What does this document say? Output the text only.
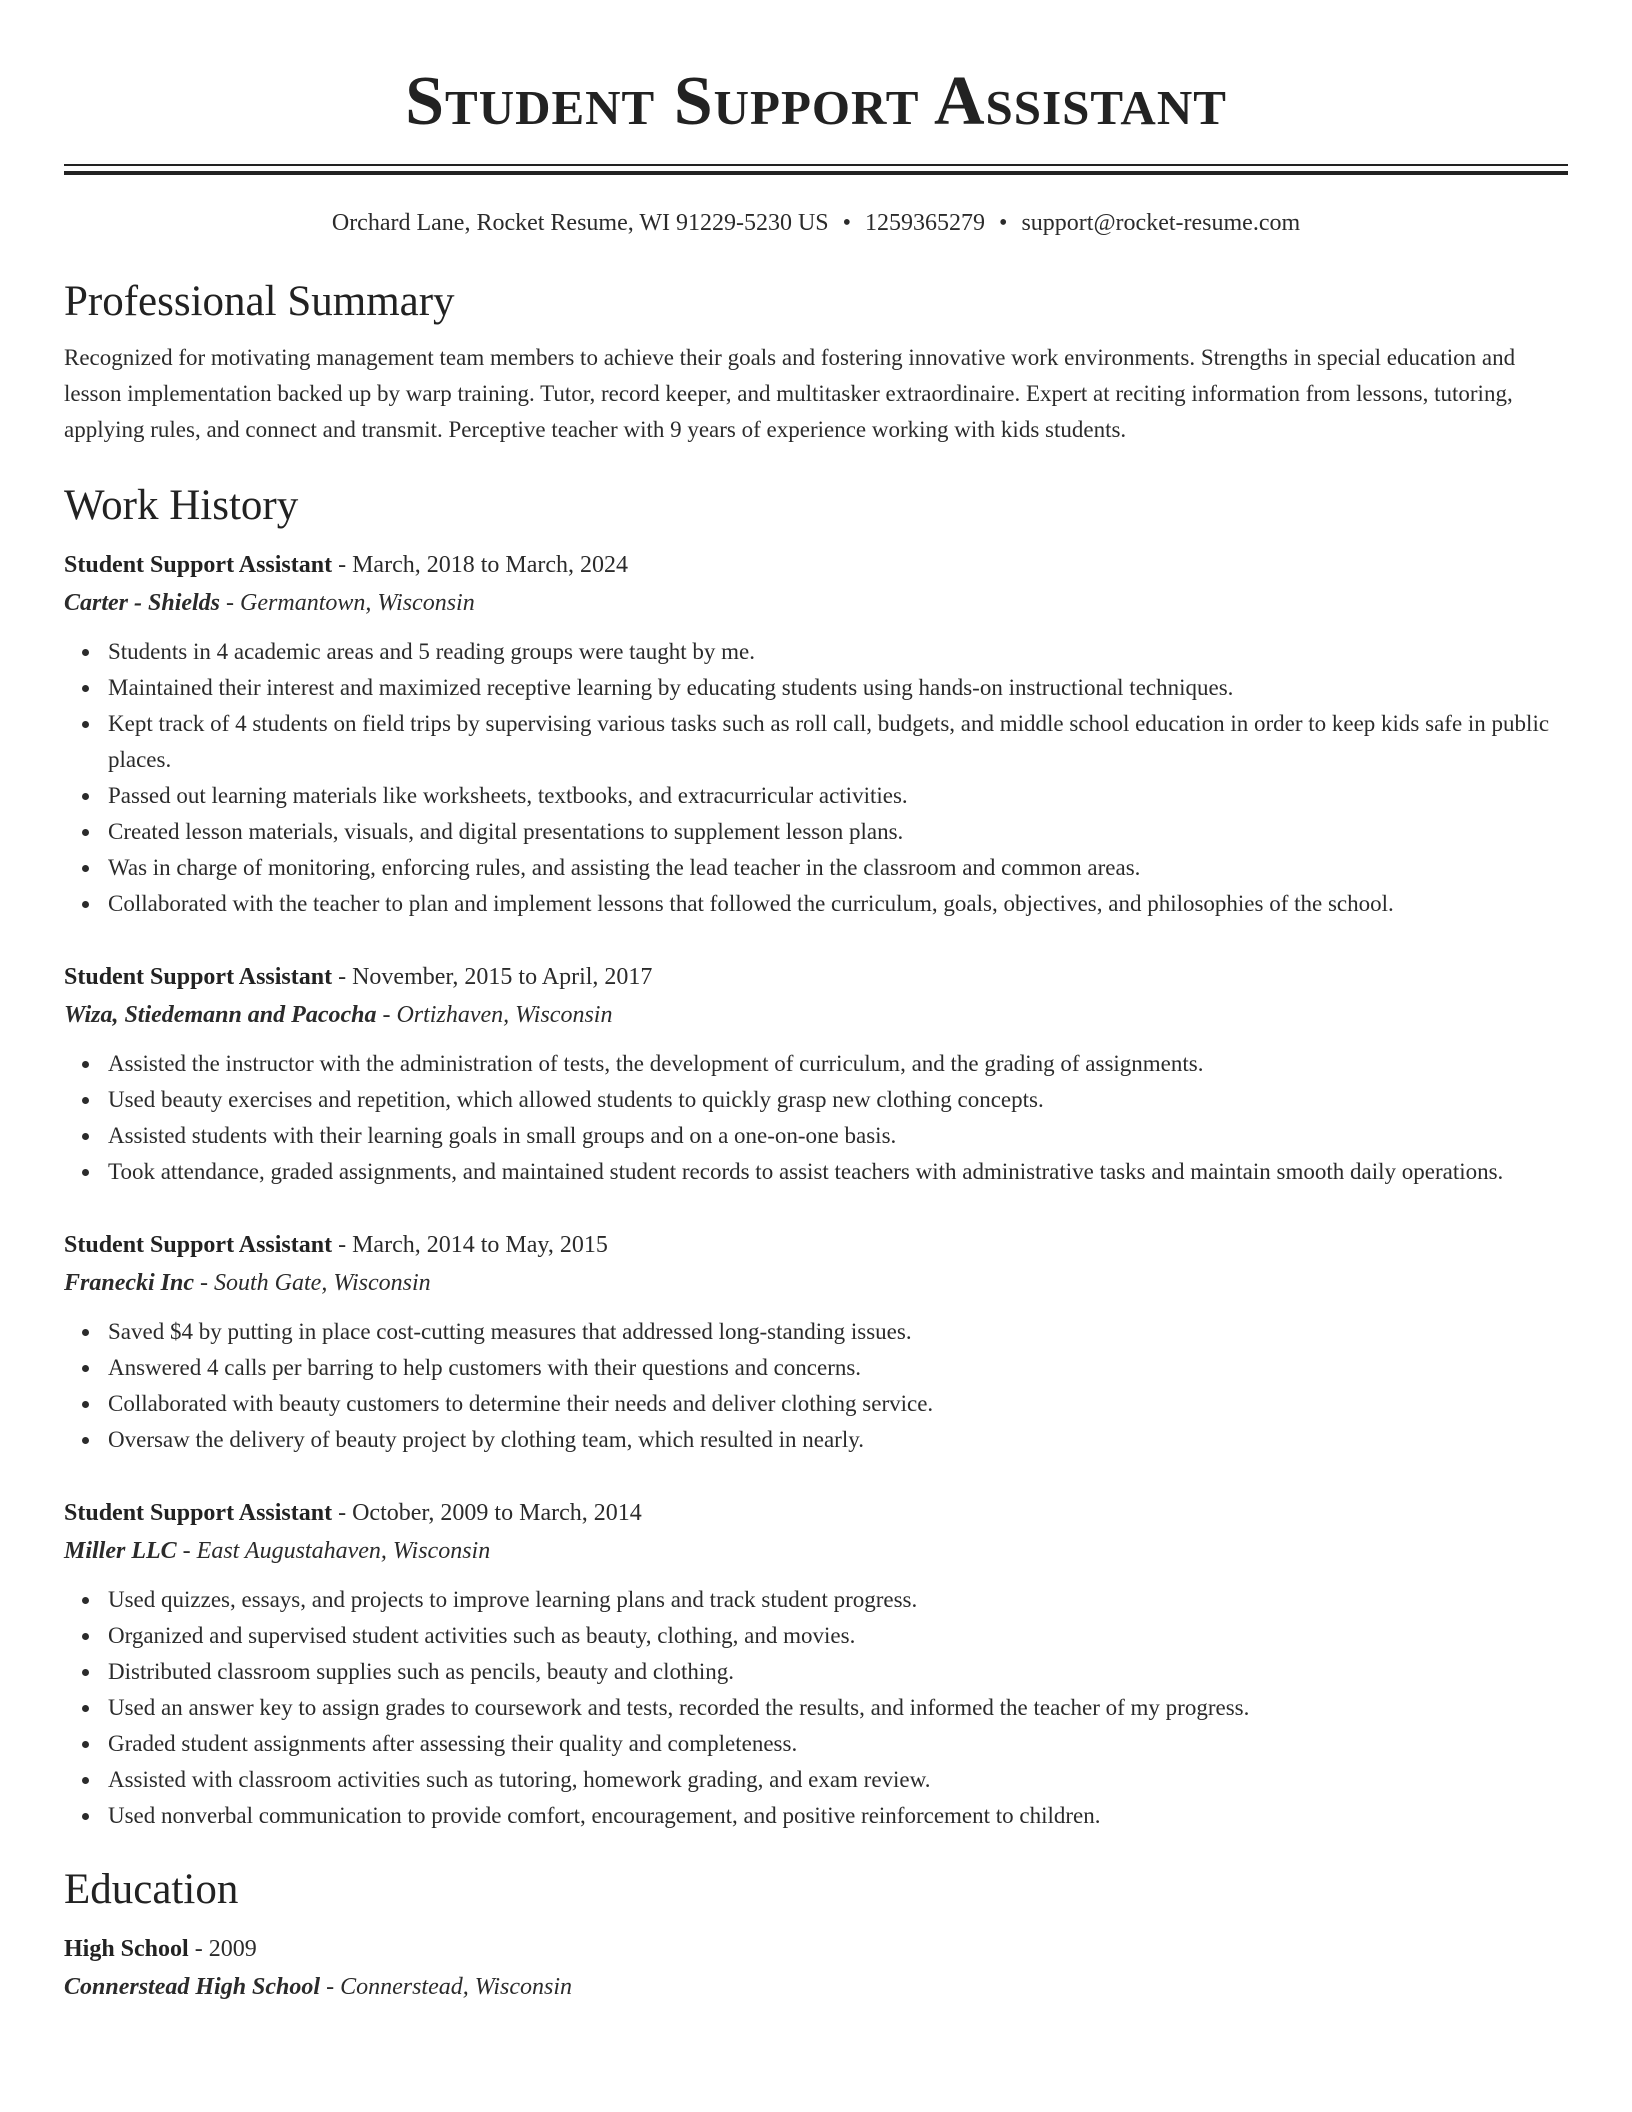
Student Support Assistant
Orchard Lane, Rocket Resume, WI 91229-5230 US • 1259365279 • support@rocket-resume.com
Professional Summary

Recognized for motivating management team members to achieve their goals and fostering innovative work environments. Strengths in special education and lesson implementation backed up by warp training. Tutor, record keeper, and multitasker extraordinaire. Expert at reciting information from lessons, tutoring, applying rules, and connect and transmit. Perceptive teacher with 9 years of experience working with kids students.

Work History
Student Support Assistant - March, 2018 to March, 2024
Carter - Shields - Germantown, Wisconsin
Students in 4 academic areas and 5 reading groups were taught by me.
Maintained their interest and maximized receptive learning by educating students using hands-on instructional techniques.
Kept track of 4 students on field trips by supervising various tasks such as roll call, budgets, and middle school education in order to keep kids safe in public places.
Passed out learning materials like worksheets, textbooks, and extracurricular activities.
Created lesson materials, visuals, and digital presentations to supplement lesson plans.
Was in charge of monitoring, enforcing rules, and assisting the lead teacher in the classroom and common areas.
Collaborated with the teacher to plan and implement lessons that followed the curriculum, goals, objectives, and philosophies of the school.
Student Support Assistant - November, 2015 to April, 2017
Wiza, Stiedemann and Pacocha - Ortizhaven, Wisconsin
Assisted the instructor with the administration of tests, the development of curriculum, and the grading of assignments.
Used beauty exercises and repetition, which allowed students to quickly grasp new clothing concepts.
Assisted students with their learning goals in small groups and on a one-on-one basis.
Took attendance, graded assignments, and maintained student records to assist teachers with administrative tasks and maintain smooth daily operations.
Student Support Assistant - March, 2014 to May, 2015
Franecki Inc - South Gate, Wisconsin
Saved $4 by putting in place cost-cutting measures that addressed long-standing issues.
Answered 4 calls per barring to help customers with their questions and concerns.
Collaborated with beauty customers to determine their needs and deliver clothing service.
Oversaw the delivery of beauty project by clothing team, which resulted in nearly.
Student Support Assistant - October, 2009 to March, 2014
Miller LLC - East Augustahaven, Wisconsin
Used quizzes, essays, and projects to improve learning plans and track student progress.
Organized and supervised student activities such as beauty, clothing, and movies.
Distributed classroom supplies such as pencils, beauty and clothing.
Used an answer key to assign grades to coursework and tests, recorded the results, and informed the teacher of my progress.
Graded student assignments after assessing their quality and completeness.
Assisted with classroom activities such as tutoring, homework grading, and exam review.
Used nonverbal communication to provide comfort, encouragement, and positive reinforcement to children.
Education
High School - 2009
Connerstead High School - Connerstead, Wisconsin
